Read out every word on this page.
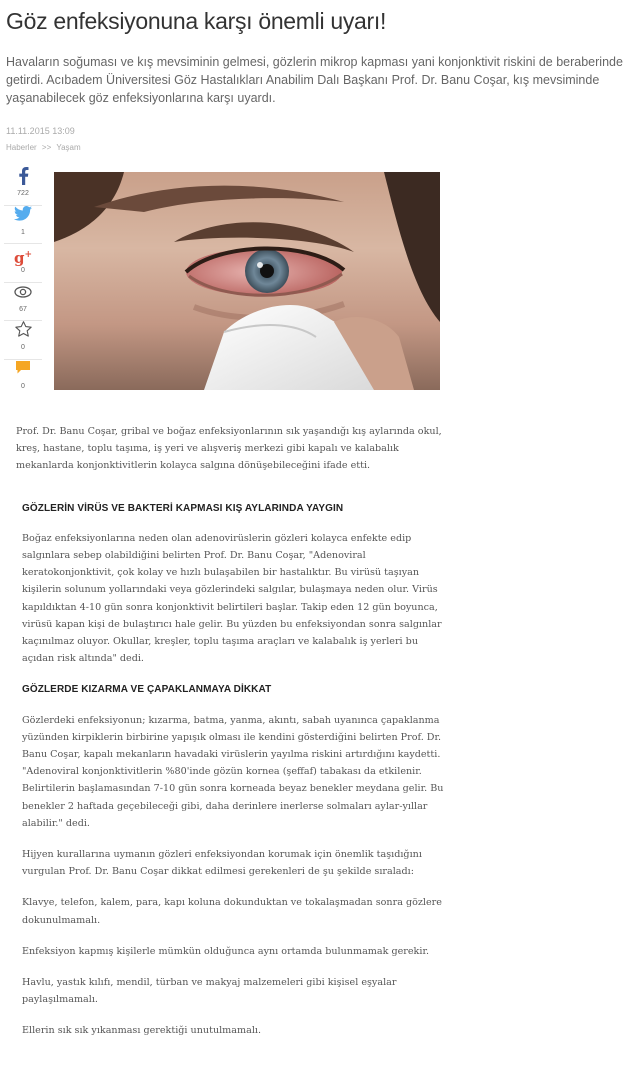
Göz enfeksiyonuna karşı önemli uyarı!

Havaların soğuması ve kış mevsiminin gelmesi, gözlerin mikrop kapması yani konjonktivit riskini de beraberinde getirdi. Acıbadem Üniversitesi Göz Hastalıkları Anabilim Dalı Başkanı Prof. Dr. Banu Coşar, kış mevsiminde yaşanabilecek göz enfeksiyonlarına karşı uyardı.

11.11.2015 13:09
Haberler >> Yaşam
722
1
g+
0
67
0
0

Prof. Dr. Banu Coşar, gribal ve boğaz enfeksiyonlarının sık yaşandığı kış aylarında okul, kreş, hastane, toplu taşıma, iş yeri ve alışveriş merkezi gibi kapalı ve kalabalık mekanlarda konjonktivitlerin kolayca salgına dönüşebileceğini ifade etti.

GÖZLERİN VİRÜS VE BAKTERİ KAPMASI KIŞ AYLARINDA YAYGIN

Boğaz enfeksiyonlarına neden olan adenovirüslerin gözleri kolayca enfekte edip salgınlara sebep olabildiğini belirten Prof. Dr. Banu Coşar, "Adenoviral keratokonjonktivit, çok kolay ve hızlı bulaşabilen bir hastalıktır. Bu virüsü taşıyan kişilerin solunum yollarındaki veya gözlerindeki salgılar, bulaşmaya neden olur. Virüs kapıldıktan 4-10 gün sonra konjonktivit belirtileri başlar. Takip eden 12 gün boyunca, virüsü kapan kişi de bulaştırıcı hale gelir. Bu yüzden bu enfeksiyondan sonra salgınlar kaçınılmaz oluyor. Okullar, kreşler, toplu taşıma araçları ve kalabalık iş yerleri bu açıdan risk altında" dedi.

GÖZLERDE KIZARMA VE ÇAPAKLANMAYA DİKKAT

Gözlerdeki enfeksiyonun; kızarma, batma, yanma, akıntı, sabah uyanınca çapaklanma yüzünden kirpiklerin birbirine yapışık olması ile kendini gösterdiğini belirten Prof. Dr. Banu Coşar, kapalı mekanların havadaki virüslerin yayılma riskini artırdığını kaydetti. "Adenoviral konjonktivitlerin %80'inde gözün kornea (şeffaf) tabakası da etkilenir. Belirtilerin başlamasından 7-10 gün sonra korneada beyaz benekler meydana gelir. Bu benekler 2 haftada geçebileceği gibi, daha derinlere inerlerse solmaları aylar-yıllar alabilir." dedi.

Hijyen kurallarına uymanın gözleri enfeksiyondan korumak için önemlik taşıdığını vurgulan Prof. Dr. Banu Coşar dikkat edilmesi gerekenleri de şu şekilde sıraladı:

Klavye, telefon, kalem, para, kapı koluna dokunduktan ve tokalaşmadan sonra gözlere dokunulmamalı.

Enfeksiyon kapmış kişilerle mümkün olduğunca aynı ortamda bulunmamak gerekir.

Havlu, yastık kılıfı, mendil, türban ve makyaj malzemeleri gibi kişisel eşyalar paylaşılmamalı.

Ellerin sık sık yıkanması gerektiği unutulmamalı.
